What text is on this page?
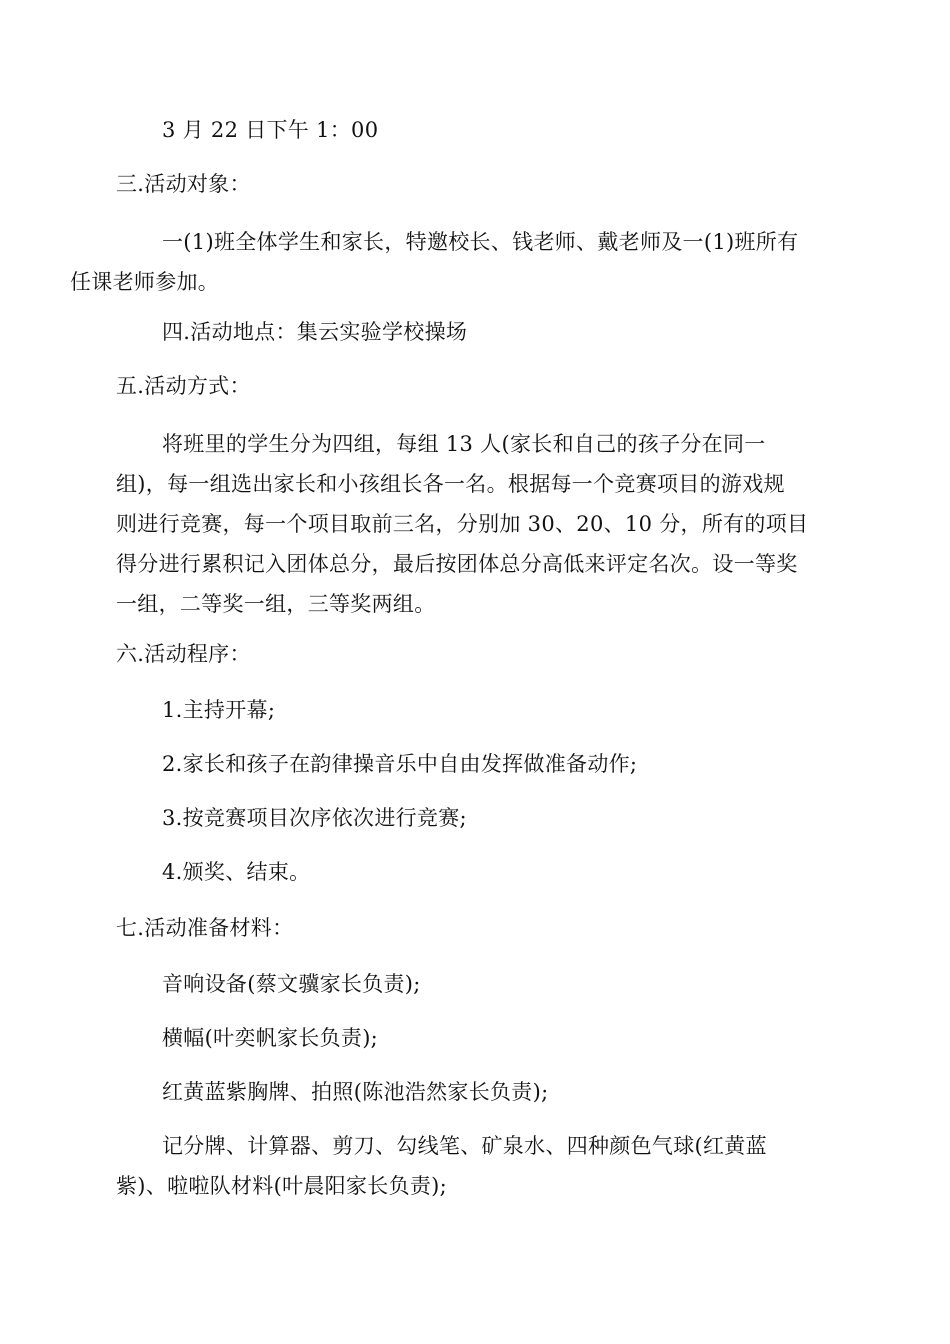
3 月 22 日下午 1：00

三.活动对象：

一(1)班全体学生和家长，特邀校长、钱老师、戴老师及一(1)班所有
任课老师参加。

四.活动地点：集云实验学校操场

五.活动方式：

将班里的学生分为四组，每组 13 人(家长和自己的孩子分在同一
组)，每一组选出家长和小孩组长各一名。根据每一个竞赛项目的游戏规
则进行竞赛，每一个项目取前三名，分别加 30、20、10 分，所有的项目
得分进行累积记入团体总分，最后按团体总分高低来评定名次。设一等奖
一组，二等奖一组，三等奖两组。

六.活动程序：

1.主持开幕;

2.家长和孩子在韵律操音乐中自由发挥做准备动作;

3.按竞赛项目次序依次进行竞赛;

4.颁奖、结束。

七.活动准备材料：

音响设备(蔡文骥家长负责);

横幅(叶奕帆家长负责);

红黄蓝紫胸牌、拍照(陈池浩然家长负责);

记分牌、计算器、剪刀、勾线笔、矿泉水、四种颜色气球(红黄蓝
紫)、啦啦队材料(叶晨阳家长负责);
